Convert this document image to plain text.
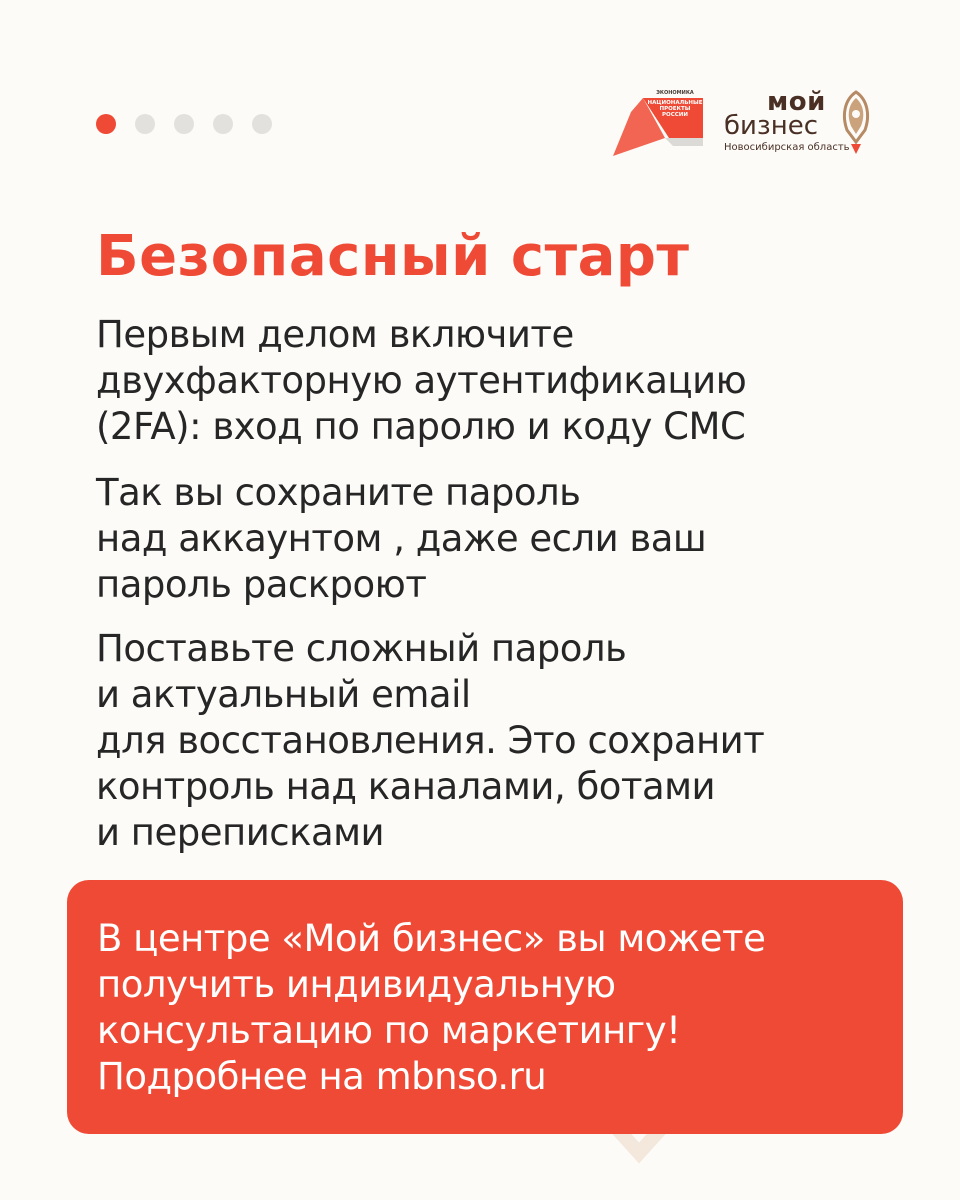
ЭКОНОМИКА
НАЦИОНАЛЬНЫЕ
ПРОЕКТЫ
РОССИИ	мой
бизнес
Новосибирская область
Безопасный старт

Первым делом включите
двухфакторную аутентификацию
(2FA): вход по паролю и коду СМС

Так вы сохраните пароль
над аккаунтом , даже если ваш
пароль раскроют

Поставьте сложный пароль
и актуальный email
для восстановления. Это сохранит
контроль над каналами, ботами
и переписками

В центре «Мой бизнес» вы можете
получить индивидуальную
консультацию по маркетингу!
Подробнее на mbnso.ru
